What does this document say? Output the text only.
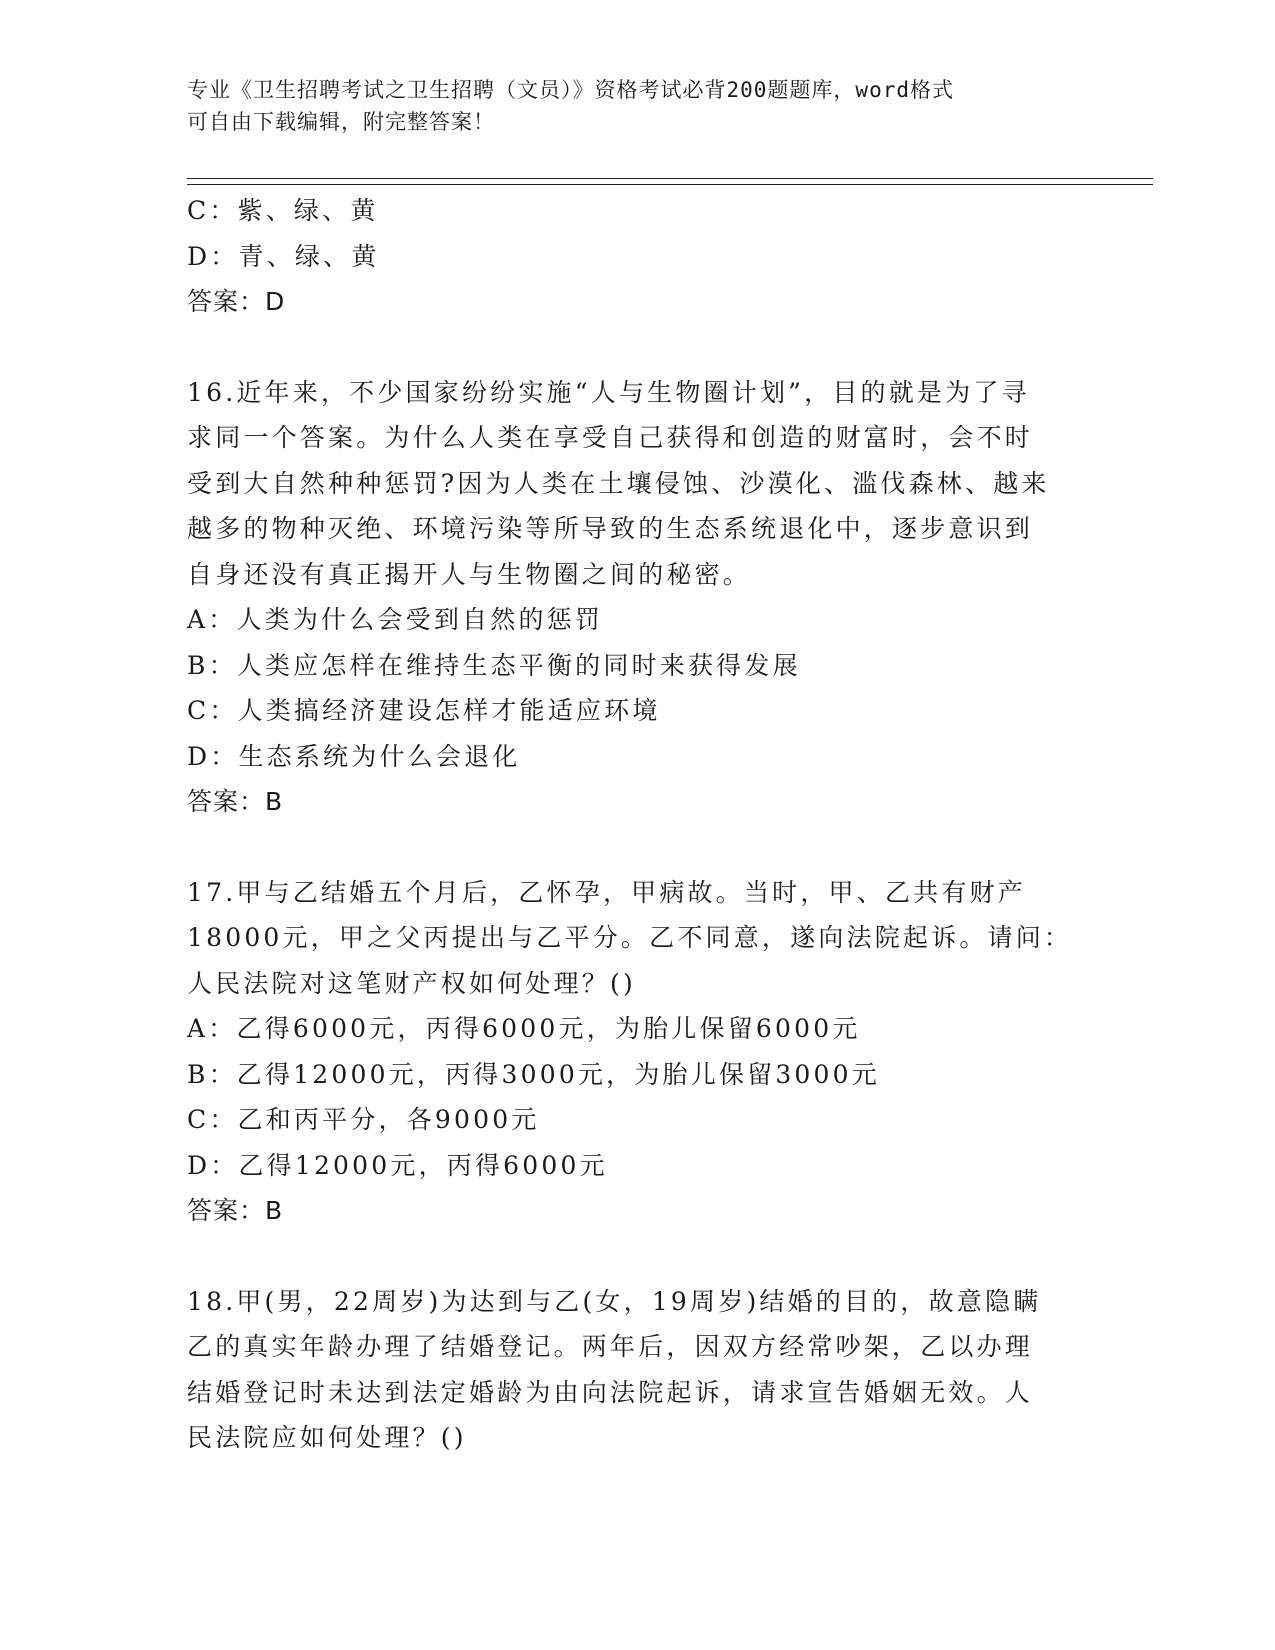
专业《卫生招聘考试之卫生招聘（文员）》资格考试必背200题题库，word格式
可自由下载编辑，附完整答案！
C：紫、绿、黄
D：青、绿、黄
答案：D
16.近年来，不少国家纷纷实施“人与生物圈计划”，目的就是为了寻
求同一个答案。为什么人类在享受自己获得和创造的财富时，会不时
受到大自然种种惩罚?因为人类在土壤侵蚀、沙漠化、滥伐森林、越来
越多的物种灭绝、环境污染等所导致的生态系统退化中，逐步意识到
自身还没有真正揭开人与生物圈之间的秘密。
A：人类为什么会受到自然的惩罚
B：人类应怎样在维持生态平衡的同时来获得发展
C：人类搞经济建设怎样才能适应环境
D：生态系统为什么会退化
答案：B
17.甲与乙结婚五个月后，乙怀孕，甲病故。当时，甲、乙共有财产
18000元，甲之父丙提出与乙平分。乙不同意，遂向法院起诉。请问：
人民法院对这笔财产权如何处理？()
A：乙得6000元，丙得6000元，为胎儿保留6000元
B：乙得12000元，丙得3000元，为胎儿保留3000元
C：乙和丙平分，各9000元
D：乙得12000元，丙得6000元
答案：B
18.甲(男，22周岁)为达到与乙(女，19周岁)结婚的目的，故意隐瞒
乙的真实年龄办理了结婚登记。两年后，因双方经常吵架，乙以办理
结婚登记时未达到法定婚龄为由向法院起诉，请求宣告婚姻无效。人
民法院应如何处理？()
